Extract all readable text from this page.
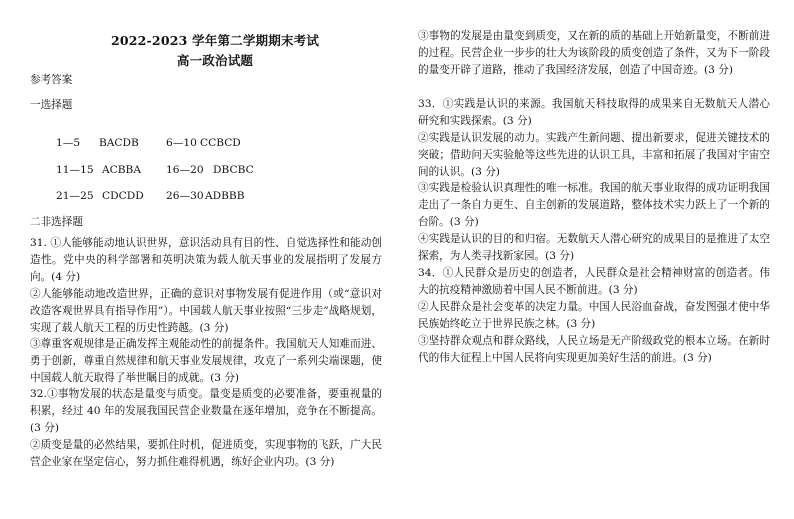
2022-2023 学年第二学期期末考试
高一政治试题
参考答案
一选择题
1—5 BACDB	6—10 CCBCD
11—15 ACBBA 16—20 DBCBC
21—25 CDCDD 26—30 ADBBB
二非选择题
31. ①人能够能动地认识世界，意识活动具有目的性、自觉选择性和能动创造性。党中央的科学部署和英明决策为载人航天事业的发展指明了发展方向。(4 分)
②人能够能动地改造世界，正确的意识对事物发展有促进作用（或“意识对改造客观世界具有指导作用”）。中国载人航天事业按照“三步走”战略规划，实现了载人航天工程的历史性跨越。(3 分)
③尊重客观规律是正确发挥主观能动性的前提条件。我国航天人知难而进、勇于创新，尊重自然规律和航天事业发展规律，攻克了一系列尖端课题，使中国载人航天取得了举世瞩目的成就。(3 分)
32.①事物发展的状态是量变与质变。量变是质变的必要准备，要重视量的积累，经过 40 年的发展我国民营企业数量在逐年增加，竞争在不断提高。(3 分)
②质变是量的必然结果，要抓住时机，促进质变，实现事物的飞跃，广大民营企业家在坚定信心，努力抓住难得机遇，练好企业内功。(3 分)
③事物的发展是由量变到质变，又在新的质的基础上开始新量变，不断前进的过程。民营企业一步步的壮大为该阶段的质变创造了条件，又为下一阶段的量变开辟了道路，推动了我国经济发展，创造了中国奇迹。(3 分)
33．①实践是认识的来源。我国航天科技取得的成果来自无数航天人潜心研究和实践探索。(3 分)
②实践是认识发展的动力。实践产生新问题、提出新要求，促进关键技术的突破；借助问天实验舱等这些先进的认识工具，丰富和拓展了我国对宇宙空间的认识。(3 分)
③实践是检验认识真理性的唯一标准。我国的航天事业取得的成功证明我国走出了一条自力更生、自主创新的发展道路，整体技术实力跃上了一个新的台阶。(3 分)
④实践是认识的目的和归宿。无数航天人潜心研究的成果目的是推进了太空探索，为人类寻找新家园。(3 分)
34．①人民群众是历史的创造者，人民群众是社会精神财富的创造者。伟大的抗疫精神激励着中国人民不断前进。(3 分)
②人民群众是社会变革的决定力量。中国人民浴血奋战，奋发图强才使中华民族始终屹立于世界民族之林。(3 分)
③坚持群众观点和群众路线，人民立场是无产阶级政党的根本立场。在新时代的伟大征程上中国人民将向实现更加美好生活的前进。(3 分)
